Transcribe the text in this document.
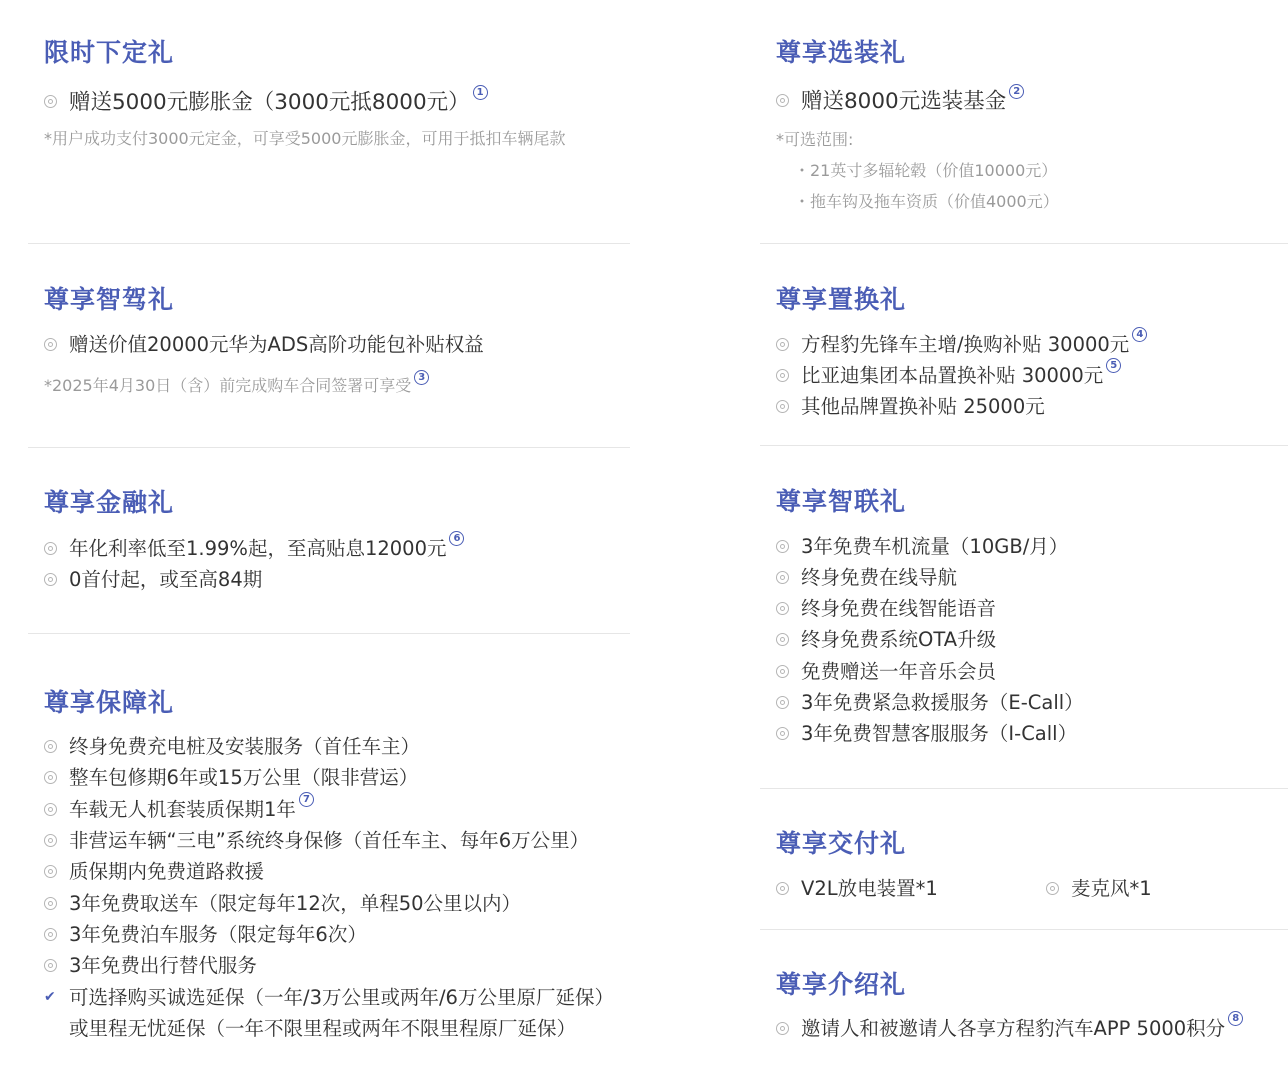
限时下定礼
赠送5000元膨胀金（3000元抵8000元） 1
*用户成功支付3000元定金，可享受5000元膨胀金，可用于抵扣车辆尾款
尊享智驾礼
赠送价值20000元华为ADS高阶功能包补贴权益
*2025年4月30日（含）前完成购车合同签署可享受 3
尊享金融礼
年化利率低至1.99%起，至高贴息12000元 6
0首付起，或至高84期
尊享保障礼
终身免费充电桩及安装服务（首任车主）
整车包修期6年或15万公里（限非营运）
车载无人机套装质保期1年 7
非营运车辆“三电”系统终身保修（首任车主、每年6万公里）
质保期内免费道路救援
3年免费取送车（限定每年12次，单程50公里以内）
3年免费泊车服务（限定每年6次）
3年免费出行替代服务
✔ 可选择购买诚选延保（一年/3万公里或两年/6万公里原厂延保）
或里程无忧延保（一年不限里程或两年不限里程原厂延保）
尊享选装礼
赠送8000元选装基金 2
*可选范围:
・21英寸多辐轮毂（价值10000元）
・拖车钩及拖车资质（价值4000元）
尊享置换礼
方程豹先锋车主增/换购补贴 30000元 4
比亚迪集团本品置换补贴 30000元 5
其他品牌置换补贴 25000元
尊享智联礼
3年免费车机流量（10GB/月）
终身免费在线导航
终身免费在线智能语音
终身免费系统OTA升级
免费赠送一年音乐会员
3年免费紧急救援服务（E-Call）
3年免费智慧客服服务（I-Call）
尊享交付礼
V2L放电装置*1	麦克风*1
尊享介绍礼
邀请人和被邀请人各享方程豹汽车APP 5000积分 8
